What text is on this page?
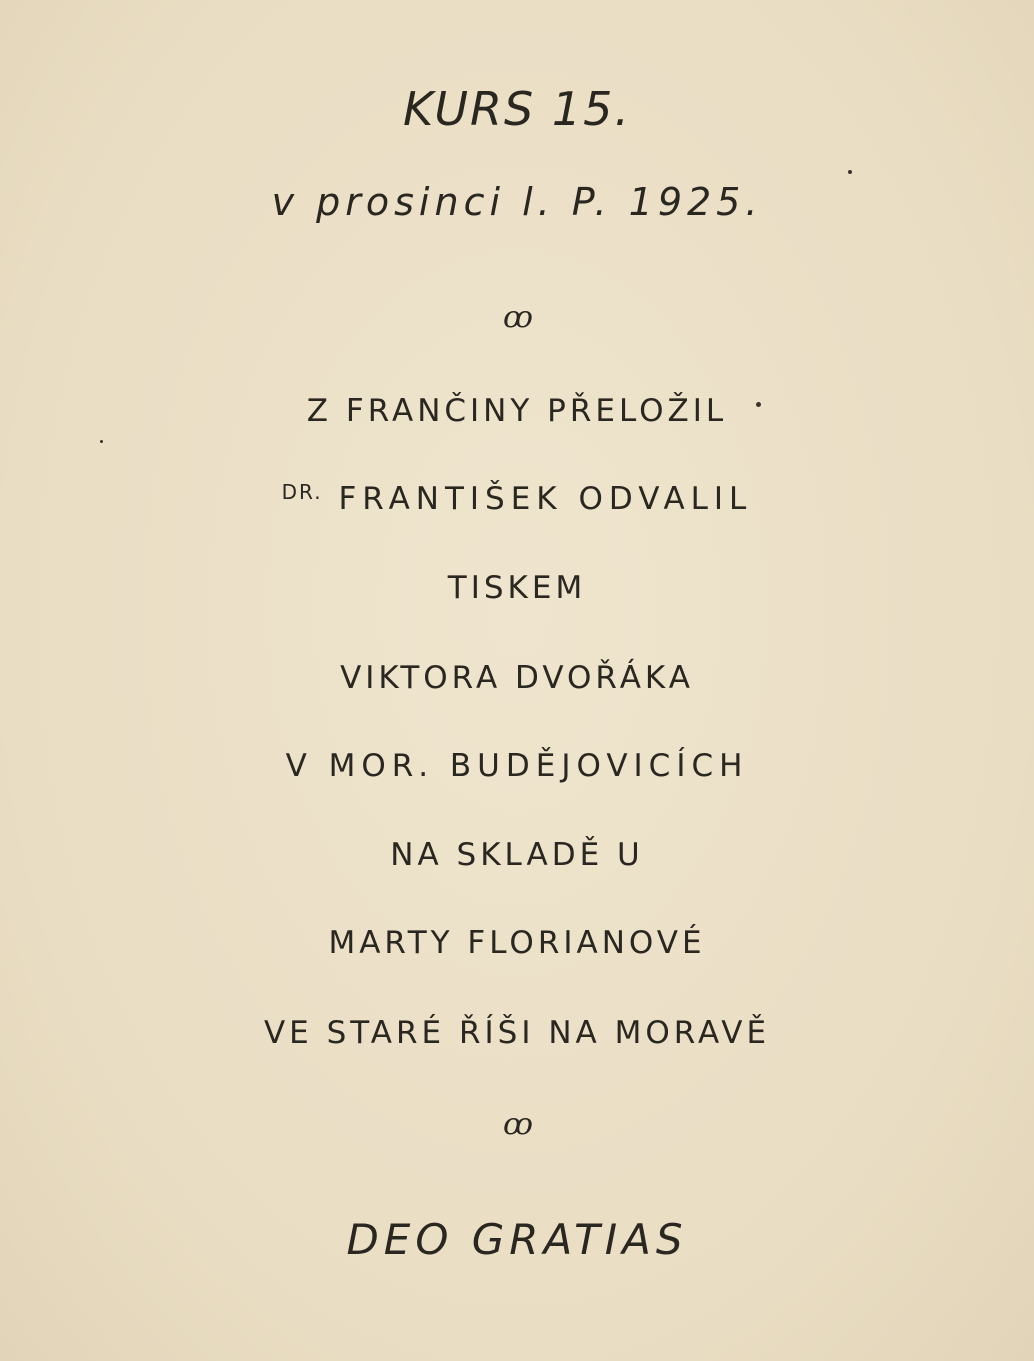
KURS 15.
v prosinci l. P. 1925.
ꝏ
Z FRANČINY PŘELOŽIL
$^{DR.}$ FRANTIŠEK ODVALIL
TISKEM
VIKTORA DVOŘÁKA
V MOR. BUDĚJOVICÍCH
NA SKLADĚ U
MARTY FLORIANOVÉ
VE STARÉ ŘÍŠI NA MORAVĚ
ꝏ
DEO GRATIAS
